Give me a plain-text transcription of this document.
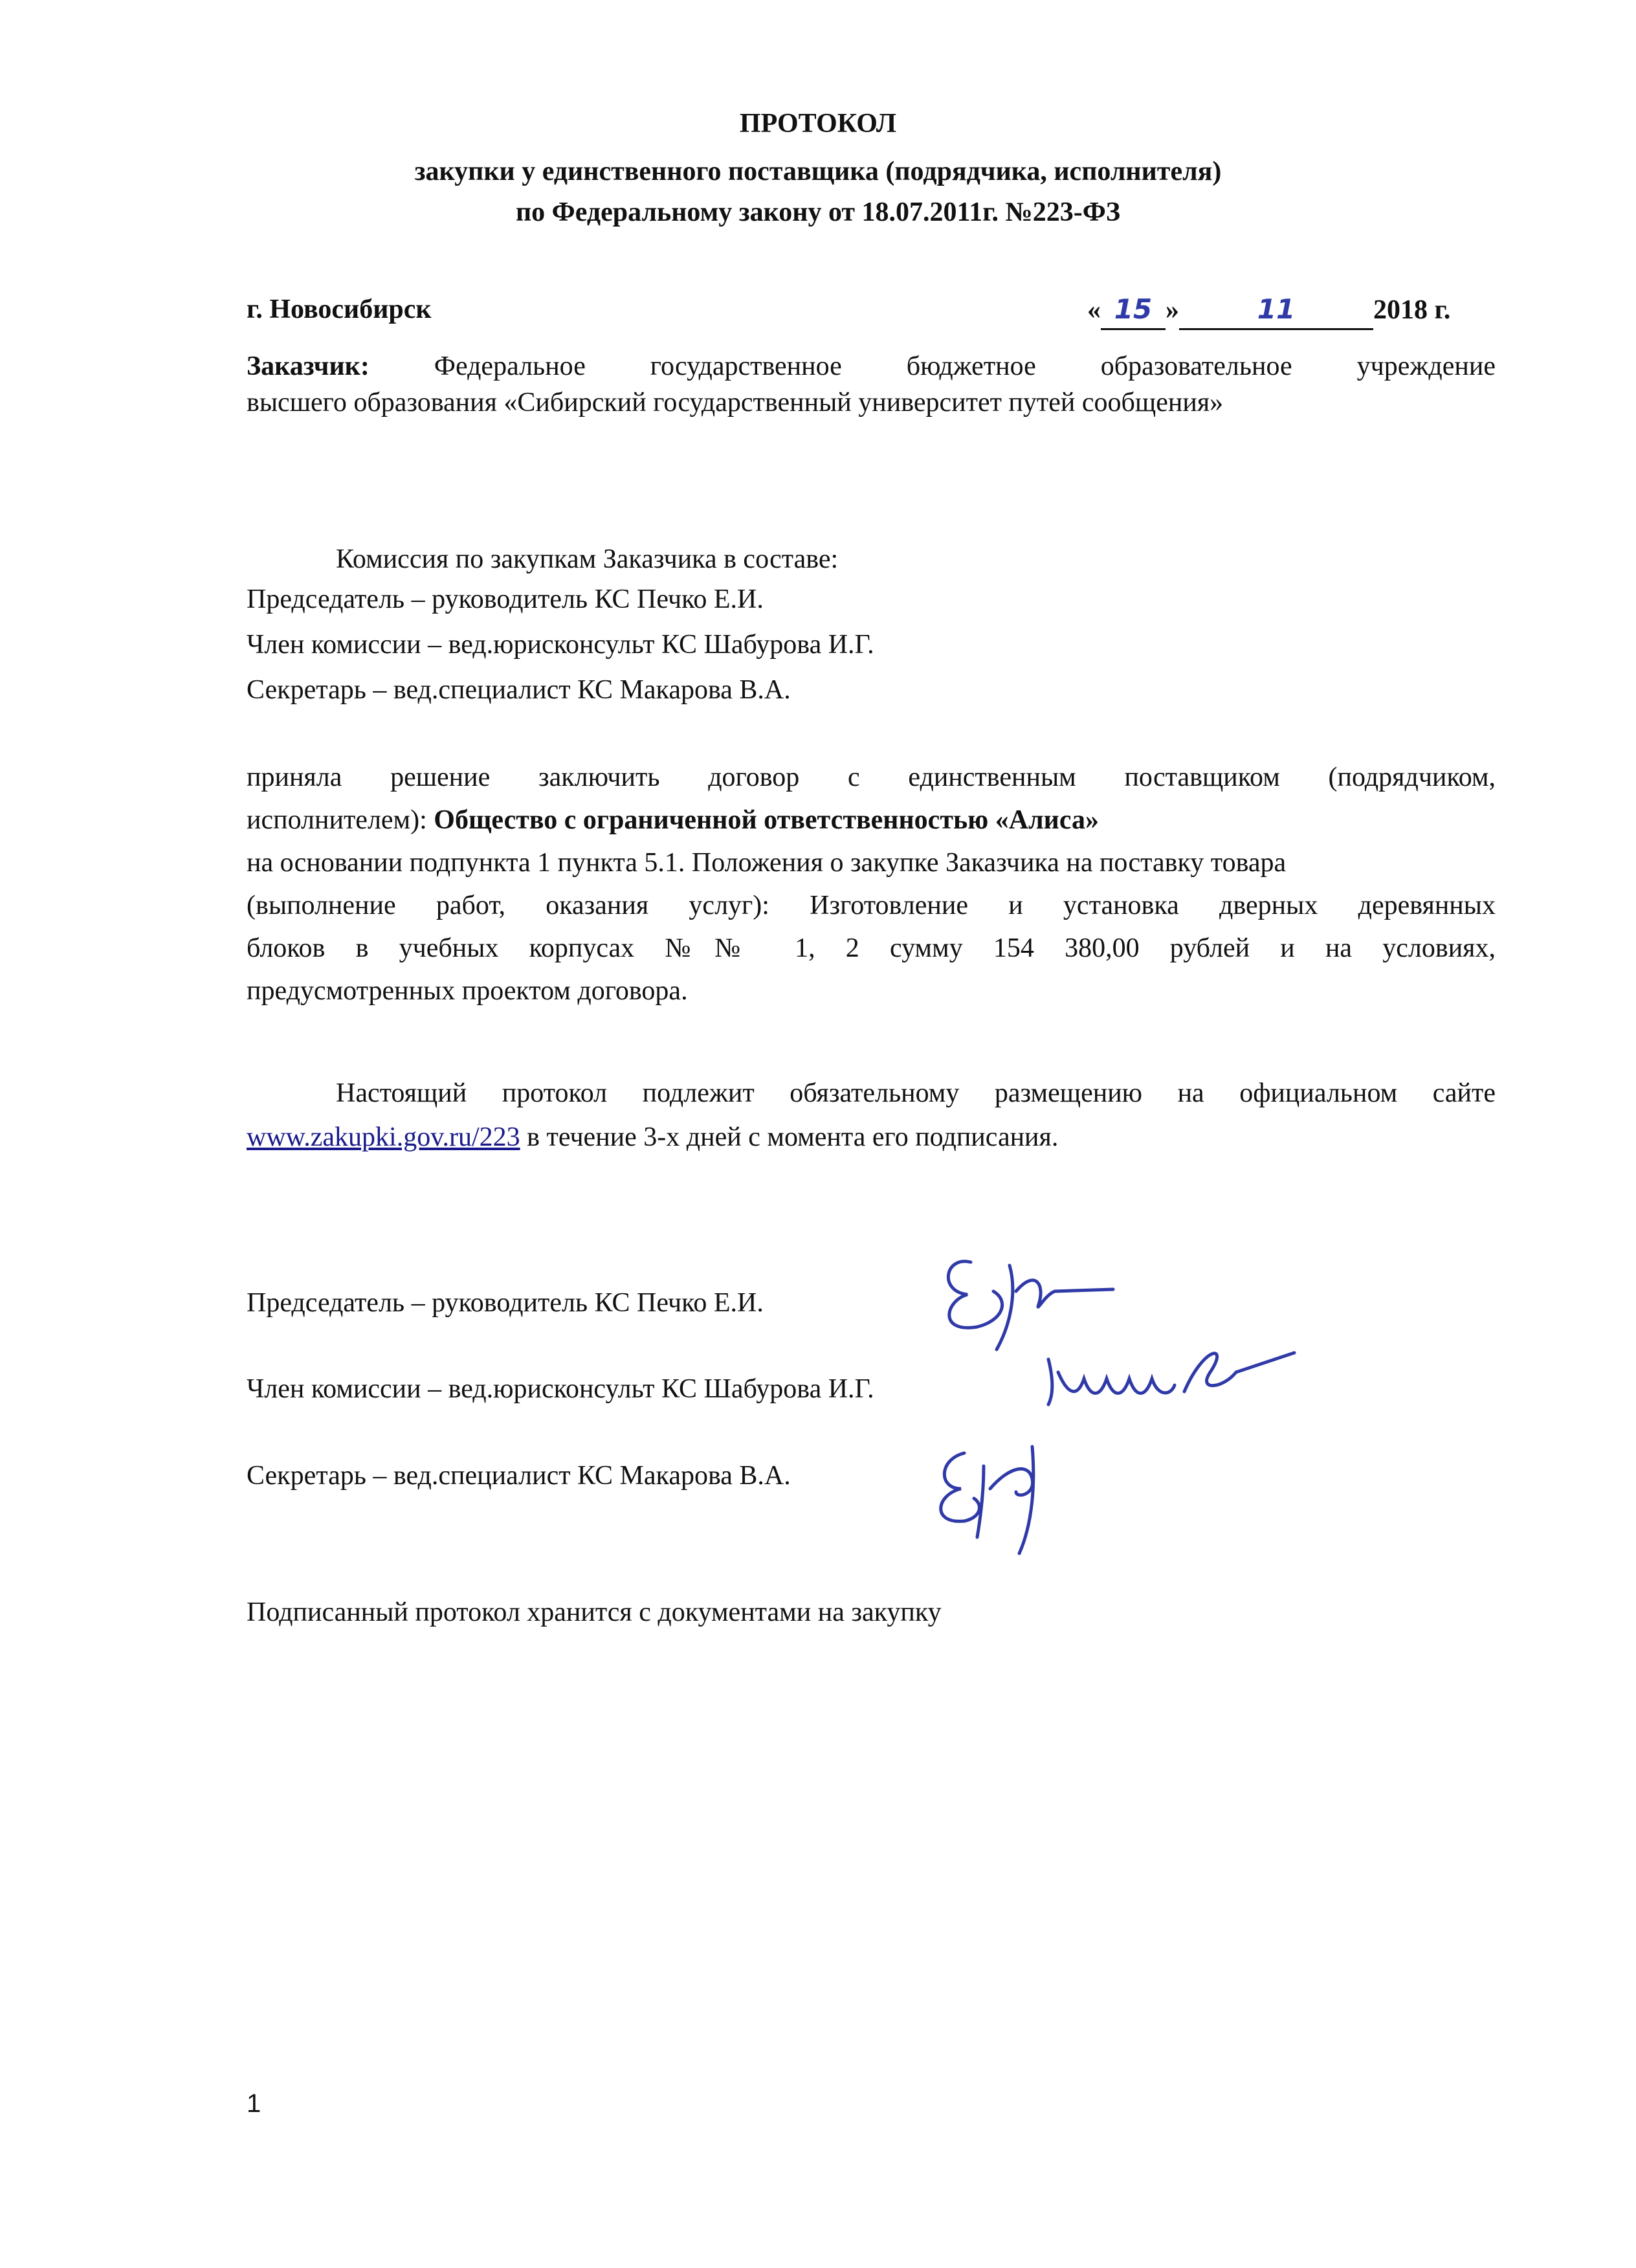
ПРОТОКОЛ
закупки у единственного поставщика (подрядчика, исполнителя)
по Федеральному закону от 18.07.2011г. №223-ФЗ
г. Новосибирск	« 15 »	11	2018 г.
Заказчик: Федеральное государственное бюджетное образовательное учреждение
высшего образования «Сибирский государственный университет путей сообщения»
Комиссия по закупкам Заказчика в составе:
Председатель – руководитель КС Печко Е.И.
Член комиссии – вед.юрисконсульт КС Шабурова И.Г.
Секретарь – вед.специалист КС Макарова В.А.
приняла решение заключить договор с единственным поставщиком (подрядчиком,
исполнителем): Общество с ограниченной ответственностью «Алиса»
на основании подпункта 1 пункта 5.1. Положения о закупке Заказчика на поставку товара
(выполнение работ, оказания услуг): Изготовление и установка дверных деревянных
блоков в учебных корпусах №№ 1, 2 сумму 154 380,00 рублей и на условиях,
предусмотренных проектом договора.
Настоящий протокол подлежит обязательному размещению на официальном сайте
www.zakupki.gov.ru/223 в течение 3-х дней с момента его подписания.
Председатель – руководитель КС Печко Е.И.
Член комиссии – вед.юрисконсульт КС Шабурова И.Г.
Секретарь – вед.специалист КС Макарова В.А.
Подписанный протокол хранится с документами на закупку
1
